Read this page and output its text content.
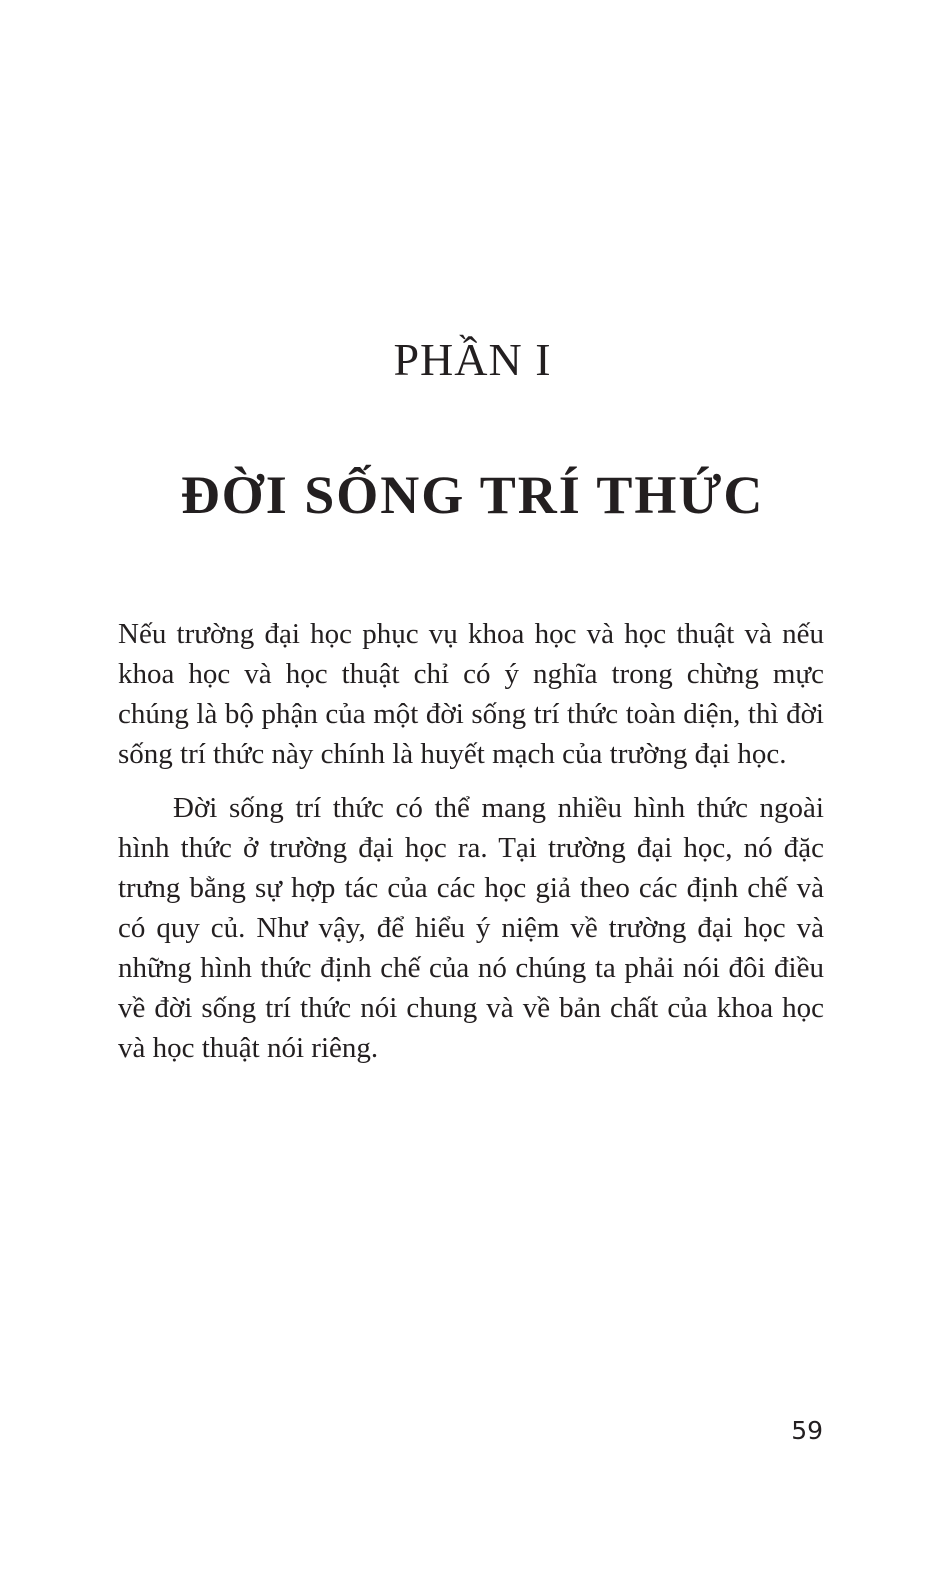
PHẦN I
ĐỜI SỐNG TRÍ THỨC

Nếu trường đại học phục vụ khoa học và học thuật và nếu khoa học và học thuật chỉ có ý nghĩa trong chừng mực chúng là bộ phận của một đời sống trí thức toàn diện, thì đời sống trí thức này chính là huyết mạch của trường đại học.

Đời sống trí thức có thể mang nhiều hình thức ngoài hình thức ở trường đại học ra. Tại trường đại học, nó đặc trưng bằng sự hợp tác của các học giả theo các định chế và có quy củ. Như vậy, để hiểu ý niệm về trường đại học và những hình thức định chế của nó chúng ta phải nói đôi điều về đời sống trí thức nói chung và về bản chất của khoa học và học thuật nói riêng.

59
